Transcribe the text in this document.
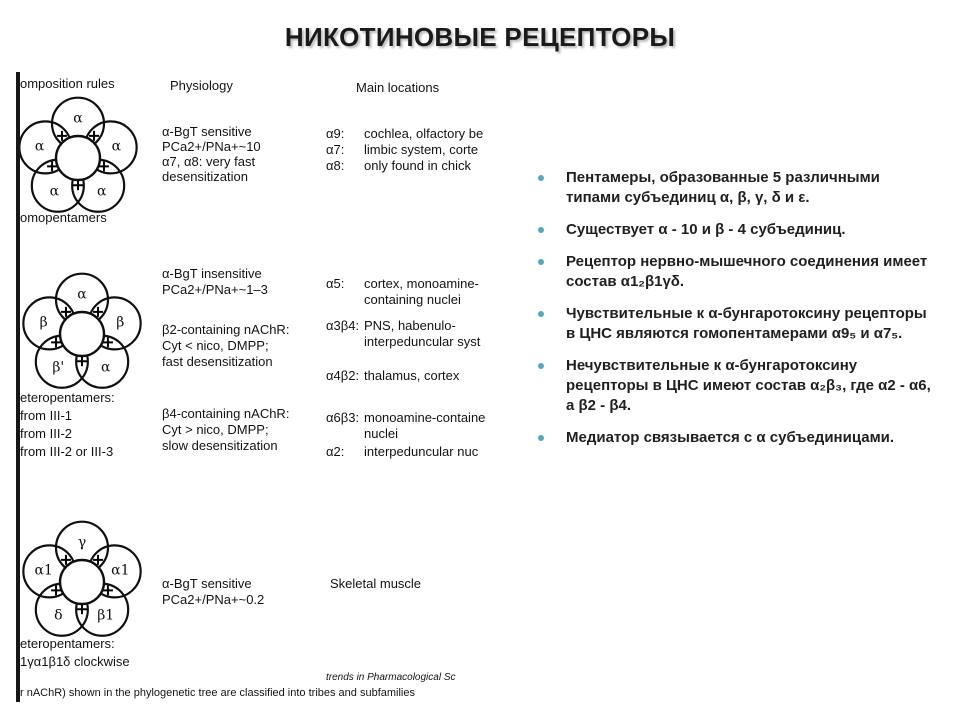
НИКОТИНОВЫЕ РЕЦЕПТОРЫ
α
α
α
α
α
α
β
α
β'
β
γ
α1
β1
δ
α1
omposition rules	Physiology	Main locations
α-BgT sensitive
PCa2+/PNa+~10
α7, α8: very fast
desensitization
α9: cochlea, olfactory be
α7: limbic system, corte
α8: only found in chick
omopentamers
α-BgT insensitive
PCa2+/PNa+~1–3
β2-containing nAChR:
Cyt < nico, DMPP;
fast desensitization
β4-containing nAChR:
Cyt > nico, DMPP;
slow desensitization
α5: cortex, monoamine-
containing nuclei
α3β4: PNS, habenulo-
interpeduncular syst
α4β2: thalamus, cortex
α6β3: monoamine-containe
nuclei
α2: interpeduncular nuc
eteropentamers:
from III-1
from III-2
from III-2 or III-3
α-BgT sensitive
PCa2+/PNa+~0.2
Skeletal muscle
eteropentamers:
1γα1β1δ clockwise
trends in Pharmacological Sc
r nAChR) shown in the phylogenetic tree are classified into tribes and subfamilies
Пентамеры, образованные 5 различными типами субъединиц α, β, γ, δ и ε.
Существует α - 10 и β - 4 субъединиц.
Рецептор нервно-мышечного соединения имеет состав α1₂β1γδ.
Чувствительные к α-бунгаротоксину рецепторы в ЦНС являются гомопентамерами α9₅ и α7₅.
Нечувствительные к α-бунгаротоксину рецепторы в ЦНС имеют состав α₂β₃, где α2 - α6, а β2 - β4.
Медиатор связывается с α субъединицами.
